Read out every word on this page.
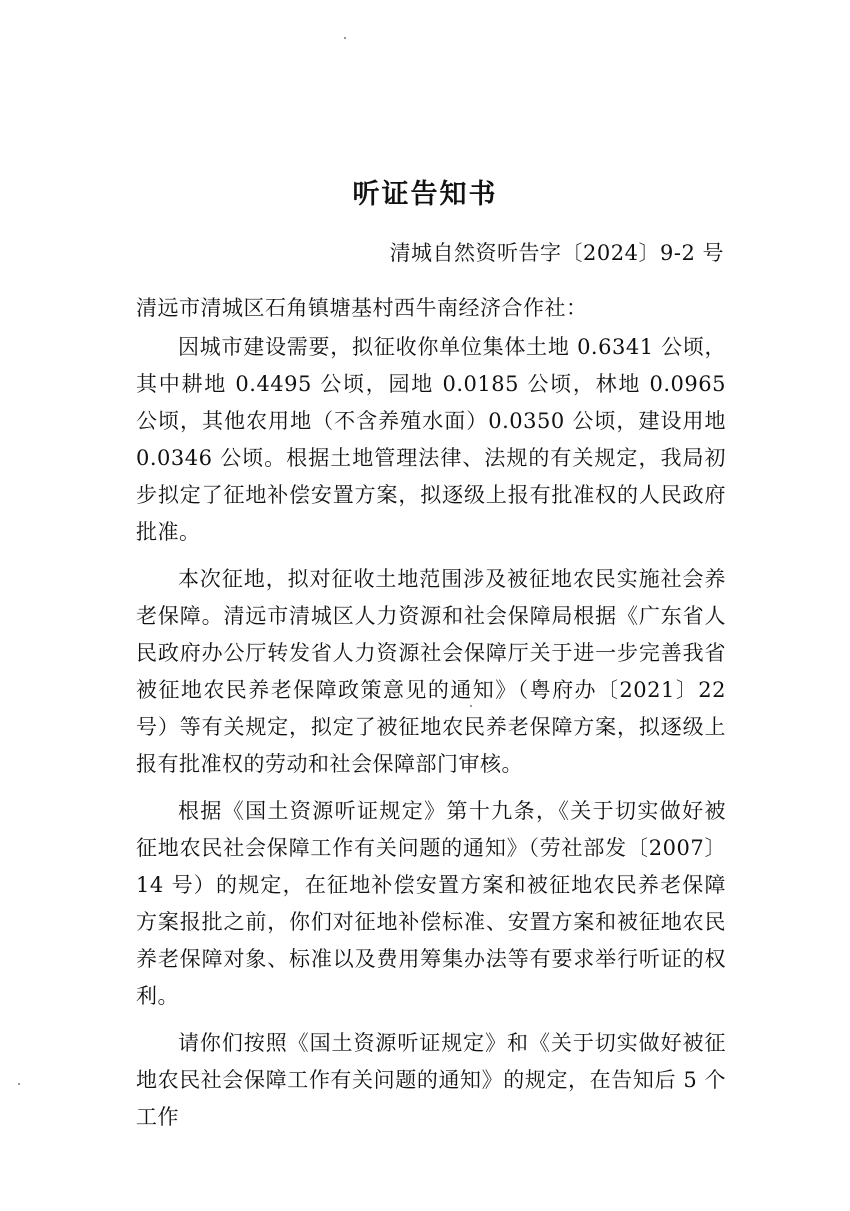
听证告知书
清城自然资听告字〔2024〕9-2 号
清远市清城区石角镇塘基村西牛南经济合作社：

因城市建设需要，拟征收你单位集体土地 0.6341 公顷，其中耕地 0.4495 公顷，园地 0.0185 公顷，林地 0.0965 公顷，其他农用地（不含养殖水面）0.0350 公顷，建设用地 0.0346 公顷。根据土地管理法律、法规的有关规定，我局初步拟定了征地补偿安置方案，拟逐级上报有批准权的人民政府批准。

本次征地，拟对征收土地范围涉及被征地农民实施社会养老保障。清远市清城区人力资源和社会保障局根据《广东省人民政府办公厅转发省人力资源社会保障厅关于进一步完善我省被征地农民养老保障政策意见的通知》（粤府办〔2021〕22 号）等有关规定，拟定了被征地农民养老保障方案，拟逐级上报有批准权的劳动和社会保障部门审核。

根据《国土资源听证规定》第十九条，《关于切实做好被征地农民社会保障工作有关问题的通知》（劳社部发〔2007〕14 号）的规定，在征地补偿安置方案和被征地农民养老保障方案报批之前，你们对征地补偿标准、安置方案和被征地农民养老保障对象、标准以及费用筹集办法等有要求举行听证的权利。

请你们按照《国土资源听证规定》和《关于切实做好被征地农民社会保障工作有关问题的通知》的规定，在告知后 5 个工作
